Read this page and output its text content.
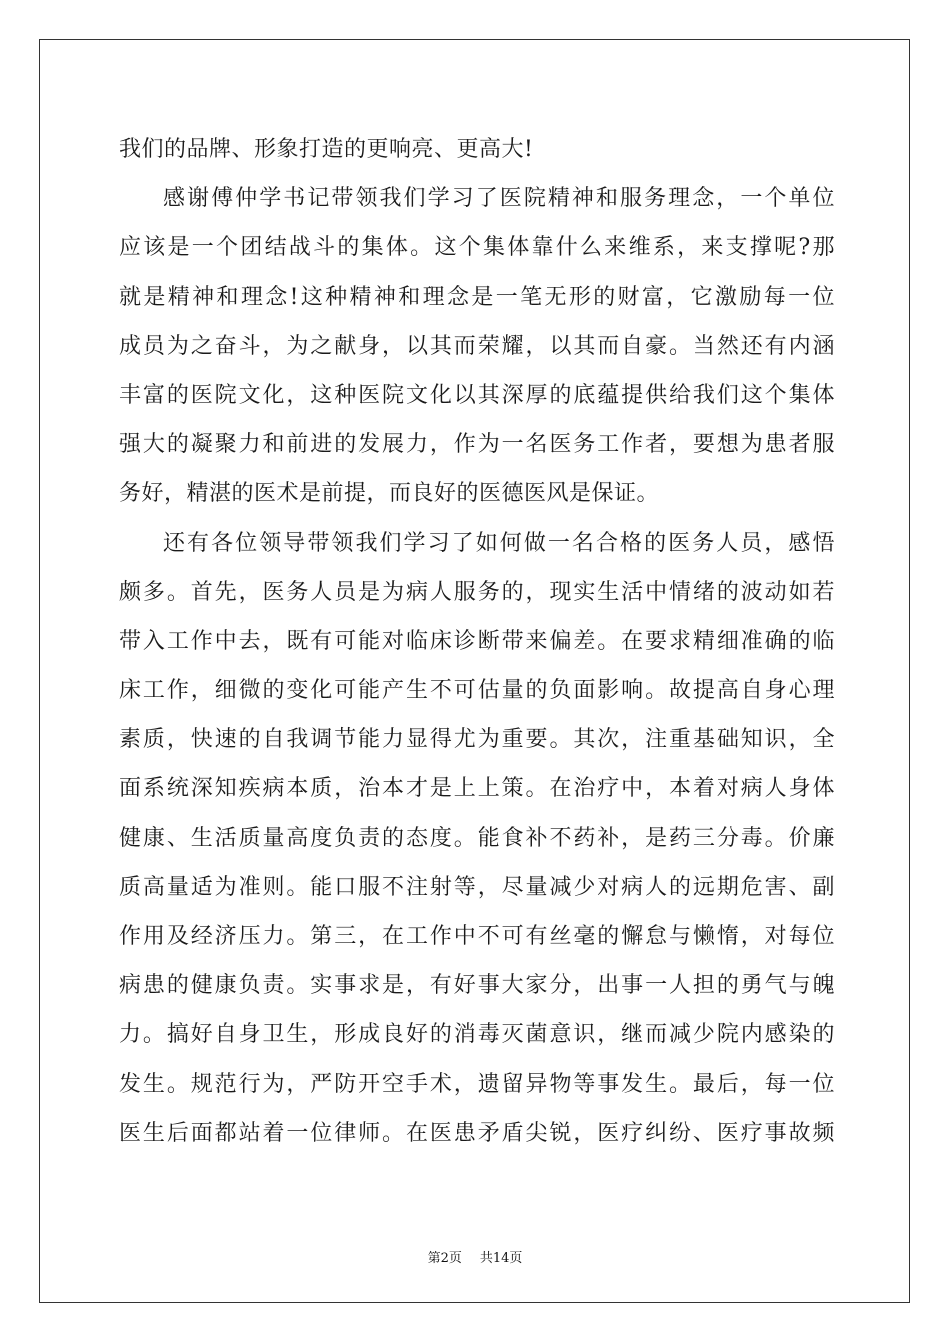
我们的品牌、形象打造的更响亮、更高大!
感谢傅仲学书记带领我们学习了医院精神和服务理念，一个单位
应该是一个团结战斗的集体。这个集体靠什么来维系，来支撑呢?那
就是精神和理念!这种精神和理念是一笔无形的财富，它激励每一位
成员为之奋斗，为之献身，以其而荣耀，以其而自豪。当然还有内涵
丰富的医院文化，这种医院文化以其深厚的底蕴提供给我们这个集体
强大的凝聚力和前进的发展力，作为一名医务工作者，要想为患者服
务好，精湛的医术是前提，而良好的医德医风是保证。
还有各位领导带领我们学习了如何做一名合格的医务人员，感悟
颇多。首先，医务人员是为病人服务的，现实生活中情绪的波动如若
带入工作中去，既有可能对临床诊断带来偏差。在要求精细准确的临
床工作，细微的变化可能产生不可估量的负面影响。故提高自身心理
素质，快速的自我调节能力显得尤为重要。其次，注重基础知识，全
面系统深知疾病本质，治本才是上上策。在治疗中，本着对病人身体
健康、生活质量高度负责的态度。能食补不药补，是药三分毒。价廉
质高量适为准则。能口服不注射等，尽量减少对病人的远期危害、副
作用及经济压力。第三，在工作中不可有丝毫的懈怠与懒惰，对每位
病患的健康负责。实事求是，有好事大家分，出事一人担的勇气与魄
力。搞好自身卫生，形成良好的消毒灭菌意识，继而减少院内感染的
发生。规范行为，严防开空手术，遗留异物等事发生。最后，每一位
医生后面都站着一位律师。在医患矛盾尖锐，医疗纠纷、医疗事故频
第2页 共14页
